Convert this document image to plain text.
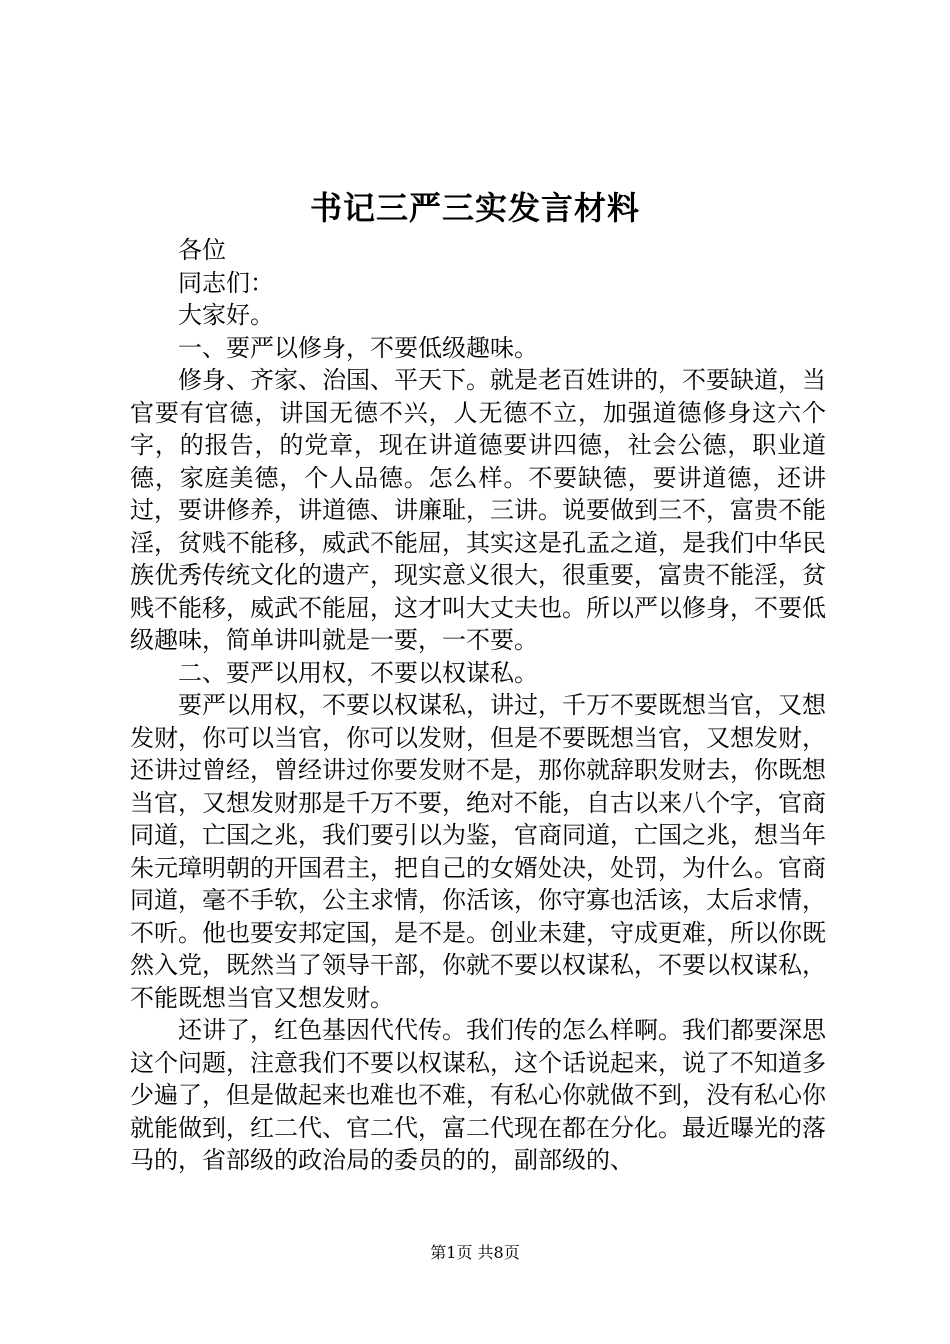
书记三严三实发言材料

各位

同志们：

大家好。

一、要严以修身，不要低级趣味。

修身、齐家、治国、平天下。就是老百姓讲的，不要缺道，当官要有官德，讲国无德不兴，人无德不立，加强道德修身这六个字，的报告，的党章，现在讲道德要讲四德，社会公德，职业道德，家庭美德，个人品德。怎么样。不要缺德，要讲道德，还讲过，要讲修养，讲道德、讲廉耻，三讲。说要做到三不，富贵不能淫，贫贱不能移，威武不能屈，其实这是孔孟之道，是我们中华民族优秀传统文化的遗产，现实意义很大，很重要，富贵不能淫，贫贱不能移，威武不能屈，这才叫大丈夫也。所以严以修身，不要低级趣味，简单讲叫就是一要，一不要。

二、要严以用权，不要以权谋私。

要严以用权，不要以权谋私，讲过，千万不要既想当官，又想发财，你可以当官，你可以发财，但是不要既想当官，又想发财，还讲过曾经，曾经讲过你要发财不是，那你就辞职发财去，你既想当官，又想发财那是千万不要，绝对不能，自古以来八个字，官商同道，亡国之兆，我们要引以为鉴，官商同道，亡国之兆，想当年朱元璋明朝的开国君主，把自己的女婿处决，处罚，为什么。官商同道，毫不手软，公主求情，你活该，你守寡也活该，太后求情，不听。他也要安邦定国，是不是。创业未建，守成更难，所以你既然入党，既然当了领导干部，你就不要以权谋私，不要以权谋私，不能既想当官又想发财。

还讲了，红色基因代代传。我们传的怎么样啊。我们都要深思这个问题，注意我们不要以权谋私，这个话说起来，说了不知道多少遍了，但是做起来也难也不难，有私心你就做不到，没有私心你就能做到，红二代、官二代，富二代现在都在分化。最近曝光的落马的，省部级的政治局的委员的的，副部级的、

第1页 共8页
